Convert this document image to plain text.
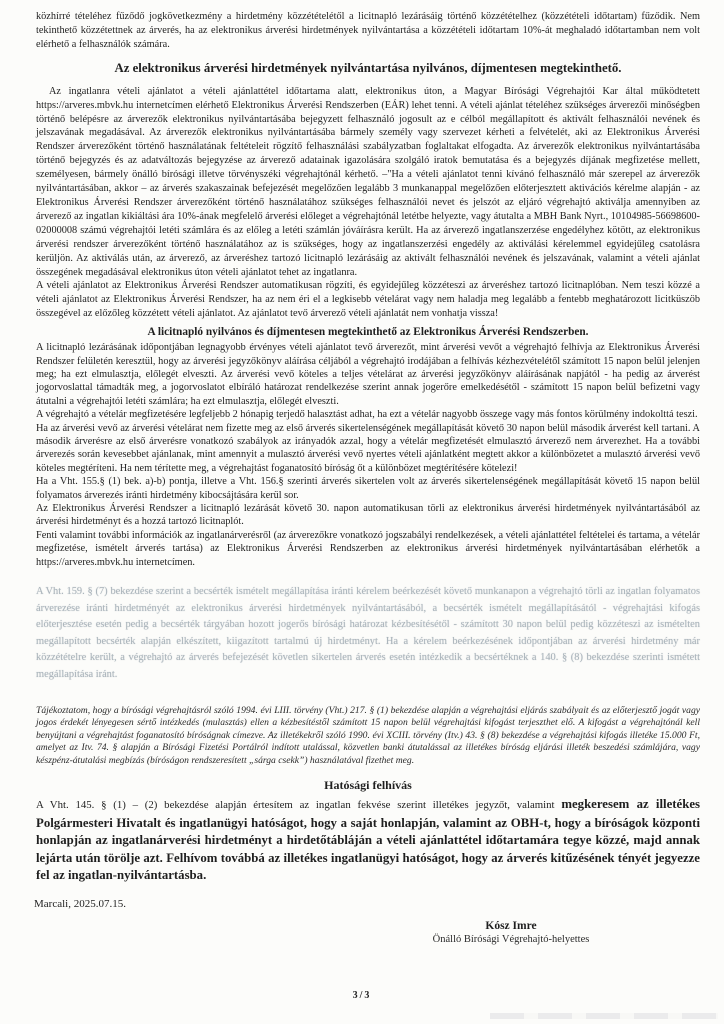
közhírré tételéhez fűződő jogkövetkezmény a hirdetmény közzétételétől a licitnapló lezárásáig történő közzétételhez (közzétételi időtartam) fűződik. Nem tekinthető közzétettnek az árverés, ha az elektronikus árverési hirdetmények nyilvántartása a közzétételi időtartam 10%-át meghaladó időtartamban nem volt elérhető a felhasználók számára.

Az elektronikus árverési hirdetmények nyilvántartása nyilvános, díjmentesen megtekinthető.

Az ingatlanra vételi ajánlatot a vételi ajánlattétel időtartama alatt, elektronikus úton, a Magyar Bírósági Végrehajtói Kar által működtetett https://arveres.mbvk.hu internetcímen elérhető Elektronikus Árverési Rendszerben (EÁR) lehet tenni. A vételi ajánlat tételéhez szükséges árverezői minőségben történő belépésre az árverezők elektronikus nyilvántartásába bejegyzett felhasználó jogosult az e célból megállapított és aktivált felhasználói nevének és jelszavának megadásával. Az árverezők elektronikus nyilvántartásába bármely személy vagy szervezet kérheti a felvételét, aki az Elektronikus Árverési Rendszer árverezőként történő használatának feltételeit rögzítő felhasználási szabályzatban foglaltakat elfogadta. Az árverezők elektronikus nyilvántartásába történő bejegyzés és az adatváltozás bejegyzése az árverező adatainak igazolására szolgáló iratok bemutatása és a bejegyzés díjának megfizetése mellett, személyesen, bármely önálló bírósági illetve törvényszéki végrehajtónál kérhető. –"Ha a vételi ajánlatot tenni kívánó felhasználó már szerepel az árverezők nyilvántartásában, akkor – az árverés szakaszainak befejezését megelőzően legalább 3 munkanappal megelőzően előterjesztett aktivációs kérelme alapján - az Elektronikus Árverési Rendszer árverezőként történő használatához szükséges felhasználói nevet és jelszót az eljáró végrehajtó aktiválja amennyiben az árverező az ingatlan kikiáltási ára 10%-ának megfelelő árverési előleget a végrehajtónál letétbe helyezte, vagy átutalta a MBH Bank Nyrt., 10104985-56698600-02000008 számú végrehajtói letéti számlára és az előleg a letéti számlán jóváírásra került. Ha az árverező ingatlanszerzése engedélyhez kötött, az elektronikus árverési rendszer árverezőként történő használatához az is szükséges, hogy az ingatlanszerzési engedély az aktiválási kérelemmel egyidejűleg csatolásra kerüljön. Az aktiválás után, az árverező, az árveréshez tartozó licitnapló lezárásáig az aktivált felhasználói nevének és jelszavának, valamint a vételi ajánlat összegének megadásával elektronikus úton vételi ajánlatot tehet az ingatlanra.

A vételi ajánlatot az Elektronikus Árverési Rendszer automatikusan rögzíti, és egyidejűleg közzéteszi az árveréshez tartozó licitnaplóban. Nem teszi közzé a vételi ajánlatot az Elektronikus Árverési Rendszer, ha az nem éri el a legkisebb vételárat vagy nem haladja meg legalább a fentebb meghatározott licitküszöb összegével az előzőleg közzétett vételi ajánlatot. Az ajánlatot tevő árverező vételi ajánlatát nem vonhatja vissza!

A licitnapló nyilvános és díjmentesen megtekinthető az Elektronikus Árverési Rendszerben.

A licitnapló lezárásának időpontjában legnagyobb érvényes vételi ajánlatot tevő árverezőt, mint árverési vevőt a végrehajtó felhívja az Elektronikus Árverési Rendszer felületén keresztül, hogy az árverési jegyzőkönyv aláírása céljából a végrehajtó irodájában a felhívás kézhezvételétől számított 15 napon belül jelenjen meg; ha ezt elmulasztja, előlegét elveszti. Az árverési vevő köteles a teljes vételárat az árverési jegyzőkönyv aláírásának napjától - ha pedig az árverést jogorvoslattal támadták meg, a jogorvoslatot elbíráló határozat rendelkezése szerint annak jogerőre emelkedésétől - számított 15 napon belül befizetni vagy átutalni a végrehajtói letéti számlára; ha ezt elmulasztja, előlegét elveszti.

A végrehajtó a vételár megfizetésére legfeljebb 2 hónapig terjedő halasztást adhat, ha ezt a vételár nagyobb összege vagy más fontos körülmény indokolttá teszi.

Ha az árverési vevő az árverési vételárat nem fizette meg az első árverés sikertelenségének megállapítását követő 30 napon belül második árverést kell tartani. A második árverésre az első árverésre vonatkozó szabályok az irányadók azzal, hogy a vételár megfizetését elmulasztó árverező nem árverezhet. Ha a további árverezés során kevesebbet ajánlanak, mint amennyit a mulasztó árverési vevő nyertes vételi ajánlatként megtett akkor a különbözetet a mulasztó árverési vevő köteles megtéríteni. Ha nem térítette meg, a végrehajtást foganatosító bíróság őt a különbözet megtérítésére kötelezi!

Ha a Vht. 155.§ (1) bek. a)-b) pontja, illetve a Vht. 156.§ szerinti árverés sikertelen volt az árverés sikertelenségének megállapítását követő 15 napon belül folyamatos árverezés iránti hirdetmény kibocsájtására kerül sor.

Az Elektronikus Árverési Rendszer a licitnapló lezárását követő 30. napon automatikusan törli az elektronikus árverési hirdetmények nyilvántartásából az árverési hirdetményt és a hozzá tartozó licitnaplót.

Fenti valamint további információk az ingatlanárverésről (az árverezőkre vonatkozó jogszabályi rendelkezések, a vételi ajánlattétel feltételei és tartama, a vételár megfizetése, ismételt árverés tartása) az Elektronikus Árverési Rendszerben az elektronikus árverési hirdetmények nyilvántartásában elérhetők a https://arveres.mbvk.hu internetcímen.

A Vht. 159. § (7) bekezdése szerint a becsérték ismételt megállapítása iránti kérelem beérkezését követő munkanapon a végrehajtó törli az ingatlan folyamatos árverezése iránti hirdetményét az elektronikus árverési hirdetmények nyilvántartásából, a becsérték ismételt megállapításától - végrehajtási kifogás előterjesztése esetén pedig a becsérték tárgyában hozott jogerős bírósági határozat kézbesítésétől - számított 30 napon belül pedig közzéteszi az ismételten megállapított becsérték alapján elkészített, kiigazított tartalmú új hirdetményt. Ha a kérelem beérkezésének időpontjában az árverési hirdetmény már közzétételre került, a végrehajtó az árverés befejezését követlen sikertelen árverés esetén intézkedik a becsértéknek a 140. § (8) bekezdése szerinti ismétett megállapítása iránt.

Tájékoztatom, hogy a bírósági végrehajtásról szóló 1994. évi LIII. törvény (Vht.) 217. § (1) bekezdése alapján a végrehajtási eljárás szabályait és az előterjesztő jogát vagy jogos érdekét lényegesen sértő intézkedés (mulasztás) ellen a kézbesítéstől számított 15 napon belül végrehajtási kifogást terjeszthet elő. A kifogást a végrehajtónál kell benyújtani a végrehajtást foganatosító bíróságnak címezve. Az illetékekről szóló 1990. évi XCIII. törvény (Itv.) 43. § (8) bekezdése a végrehajtási kifogás illetéke 15.000 Ft, amelyet az Itv. 74. § alapján a Bírósági Fizetési Portálról indított utalással, közvetlen banki átutalással az illetékes bíróság eljárási illeték beszedési számlájára, vagy készpénz-átutalási megbízás (bíróságon rendszeresített „sárga csekk”) használatával fizethet meg.

Hatósági felhívás

A Vht. 145. § (1) – (2) bekezdése alapján értesítem az ingatlan fekvése szerint illetékes jegyzőt, valamint megkeresem az illetékes Polgármesteri Hivatalt és ingatlanügyi hatóságot, hogy a saját honlapján, valamint az OBH-t, hogy a bíróságok központi honlapján az ingatlanárverési hirdetményt a hirdetőtábláján a vételi ajánlattétel időtartamára tegye közzé, majd annak lejárta után törölje azt. Felhívom továbbá az illetékes ingatlanügyi hatóságot, hogy az árverés kitűzésének tényét jegyezze fel az ingatlan-nyilvántartásba.

Marcali, 2025.07.15.

Kósz Imre

Önálló Bírósági Végrehajtó-helyettes

3/3
